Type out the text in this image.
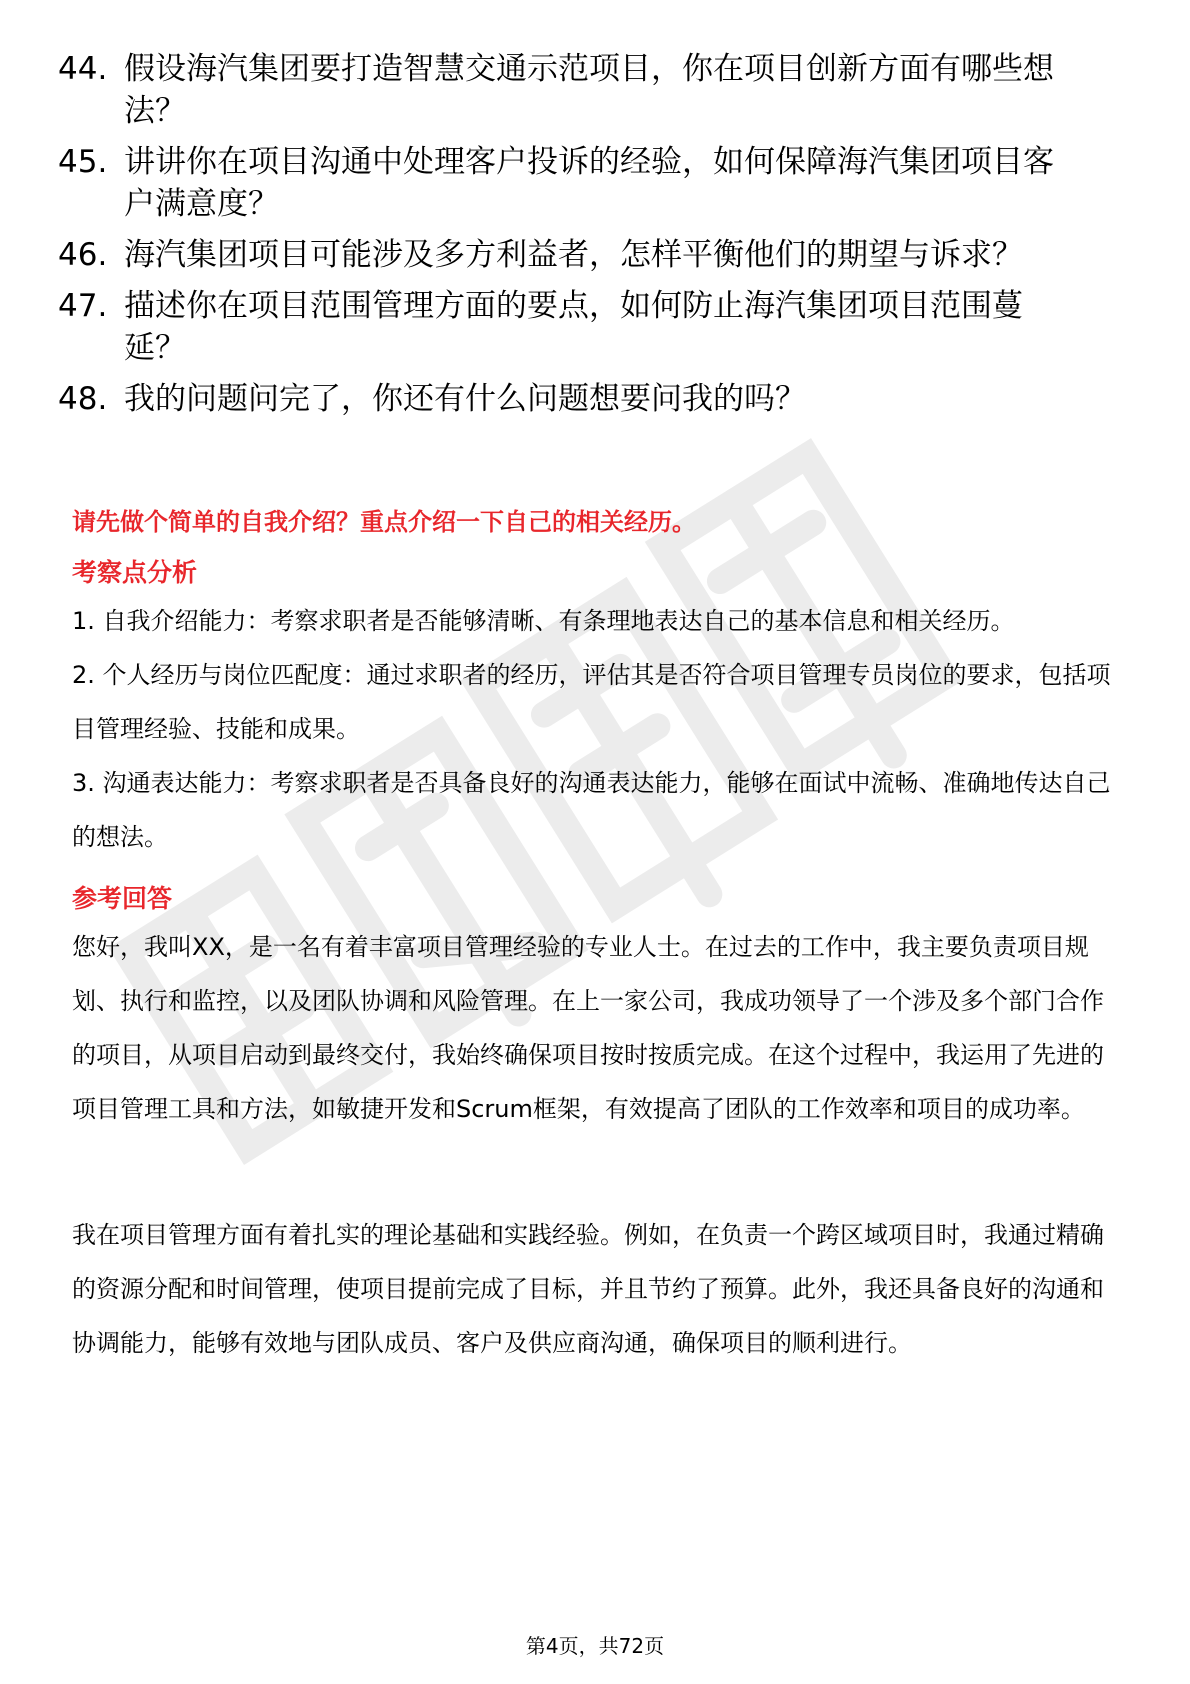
44. 假设海汽集团要打造智慧交通示范项目，你在项目创新方面有哪些想法？
45. 讲讲你在项目沟通中处理客户投诉的经验，如何保障海汽集团项目客户满意度？
46. 海汽集团项目可能涉及多方利益者，怎样平衡他们的期望与诉求？
47. 描述你在项目范围管理方面的要点，如何防止海汽集团项目范围蔓延？
48. 我的问题问完了，你还有什么问题想要问我的吗？

请先做个简单的自我介绍？重点介绍一下自己的相关经历。

考察点分析

1. 自我介绍能力：考察求职者是否能够清晰、有条理地表达自己的基本信息和相关经历。

2. 个人经历与岗位匹配度：通过求职者的经历，评估其是否符合项目管理专员岗位的要求，包括项目管理经验、技能和成果。

3. 沟通表达能力：考察求职者是否具备良好的沟通表达能力，能够在面试中流畅、准确地传达自己的想法。

参考回答

您好，我叫XX，是一名有着丰富项目管理经验的专业人士。在过去的工作中，我主要负责项目规划、执行和监控，以及团队协调和风险管理。在上一家公司，我成功领导了一个涉及多个部门合作的项目，从项目启动到最终交付，我始终确保项目按时按质完成。在这个过程中，我运用了先进的项目管理工具和方法，如敏捷开发和Scrum框架，有效提高了团队的工作效率和项目的成功率。

我在项目管理方面有着扎实的理论基础和实践经验。例如，在负责一个跨区域项目时，我通过精确的资源分配和时间管理，使项目提前完成了目标，并且节约了预算。此外，我还具备良好的沟通和协调能力，能够有效地与团队成员、客户及供应商沟通，确保项目的顺利进行。

第4页，共72页
